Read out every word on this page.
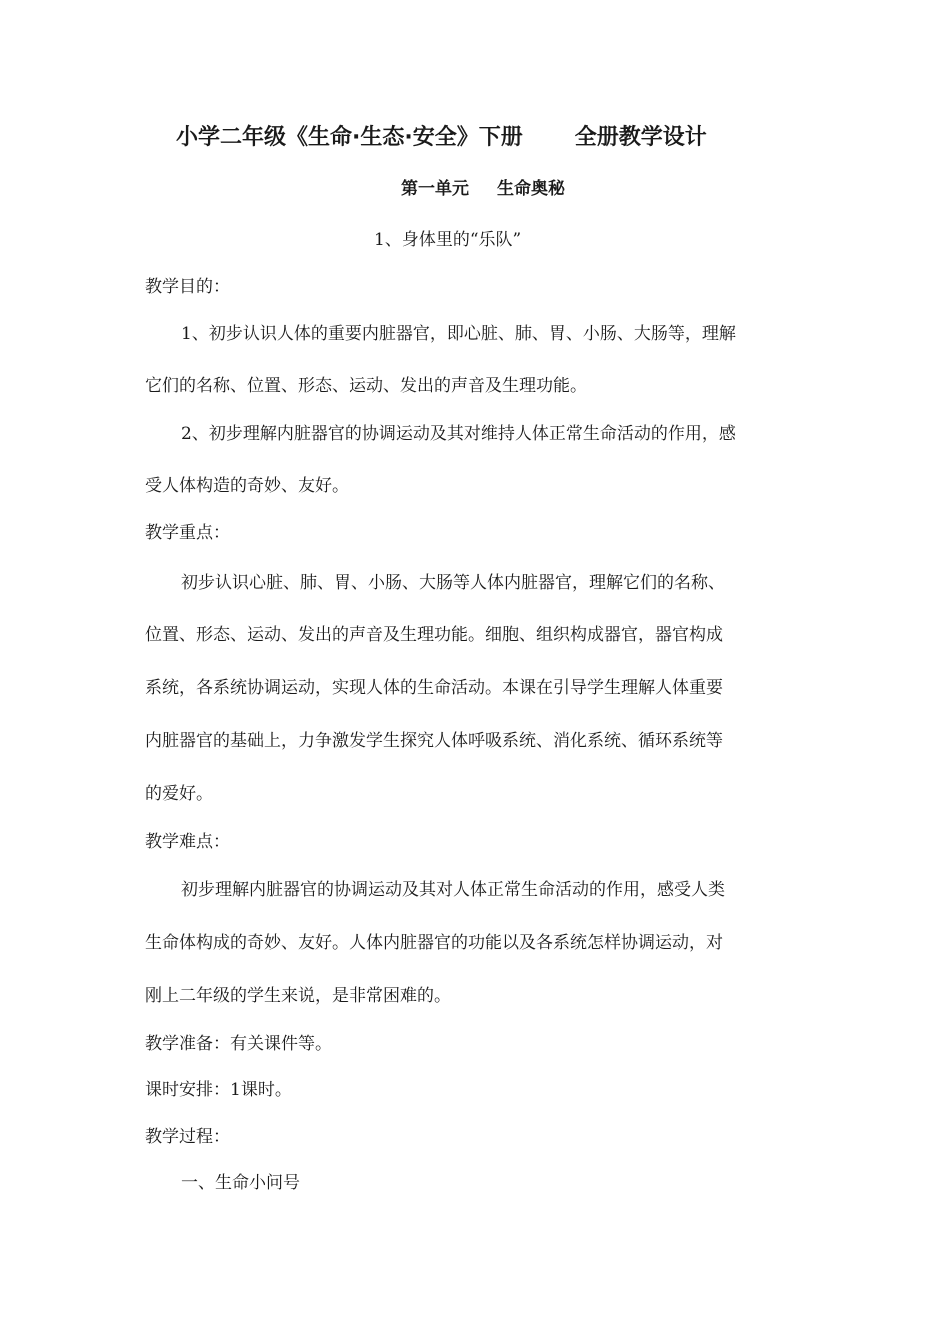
小学二年级《生命·生态·安全》下册 全册教学设计
第一单元 生命奥秘
1、身体里的“乐队”
教学目的：
1、初步认识人体的重要内脏器官，即心脏、肺、胃、小肠、大肠等，理解
它们的名称、位置、形态、运动、发出的声音及生理功能。
2、初步理解内脏器官的协调运动及其对维持人体正常生命活动的作用，感
受人体构造的奇妙、友好。
教学重点：
初步认识心脏、肺、胃、小肠、大肠等人体内脏器官，理解它们的名称、
位置、形态、运动、发出的声音及生理功能。细胞、组织构成器官，器官构成
系统，各系统协调运动，实现人体的生命活动。本课在引导学生理解人体重要
内脏器官的基础上，力争激发学生探究人体呼吸系统、消化系统、循环系统等
的爱好。
教学难点：
初步理解内脏器官的协调运动及其对人体正常生命活动的作用，感受人类
生命体构成的奇妙、友好。人体内脏器官的功能以及各系统怎样协调运动，对
刚上二年级的学生来说，是非常困难的。
教学准备：有关课件等。
课时安排：1课时。
教学过程：
一、生命小问号
